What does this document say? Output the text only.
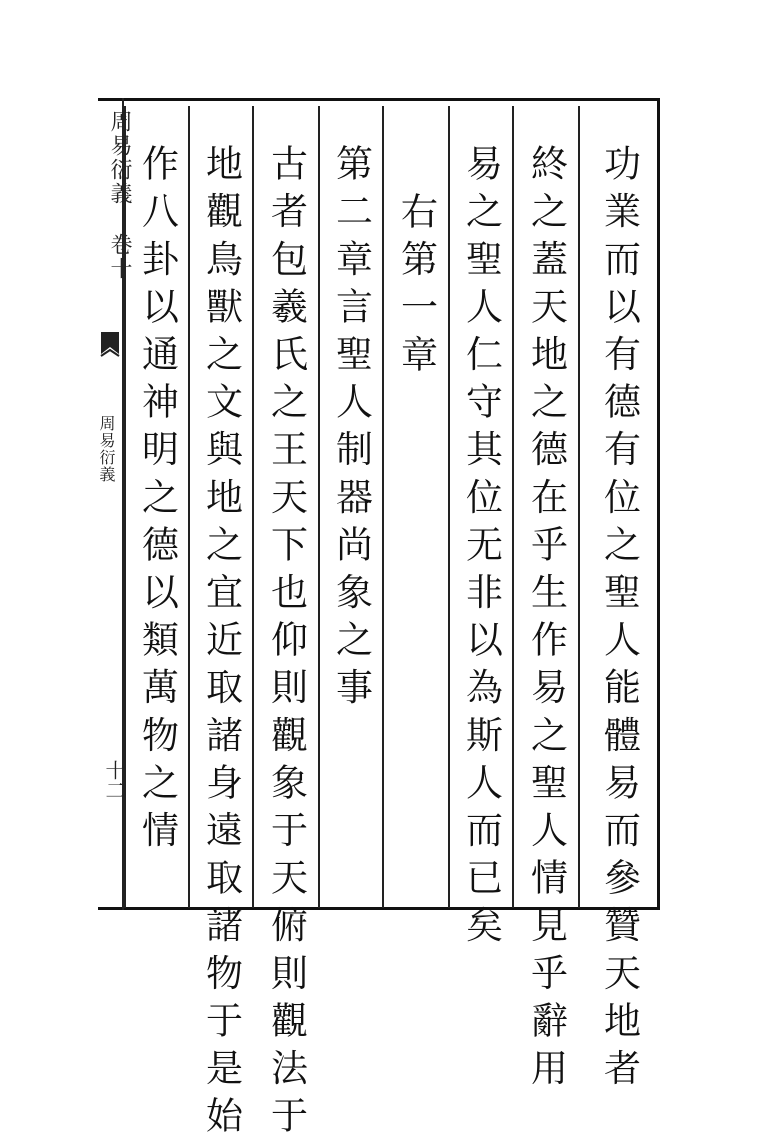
周易衍義 卷十
周易衍義
十二	功業而以有德有位之聖人能體易而參贊天地者
終之蓋天地之德在乎生作易之聖人情見乎辭用
易之聖人仁守其位无非以為斯人而已矣
右第一章
第二章言聖人制器尚象之事
古者包羲氏之王天下也仰則觀象于天俯則觀法于
地觀鳥獸之文與地之宜近取諸身遠取諸物于是始
作八卦以通神明之德以類萬物之情
